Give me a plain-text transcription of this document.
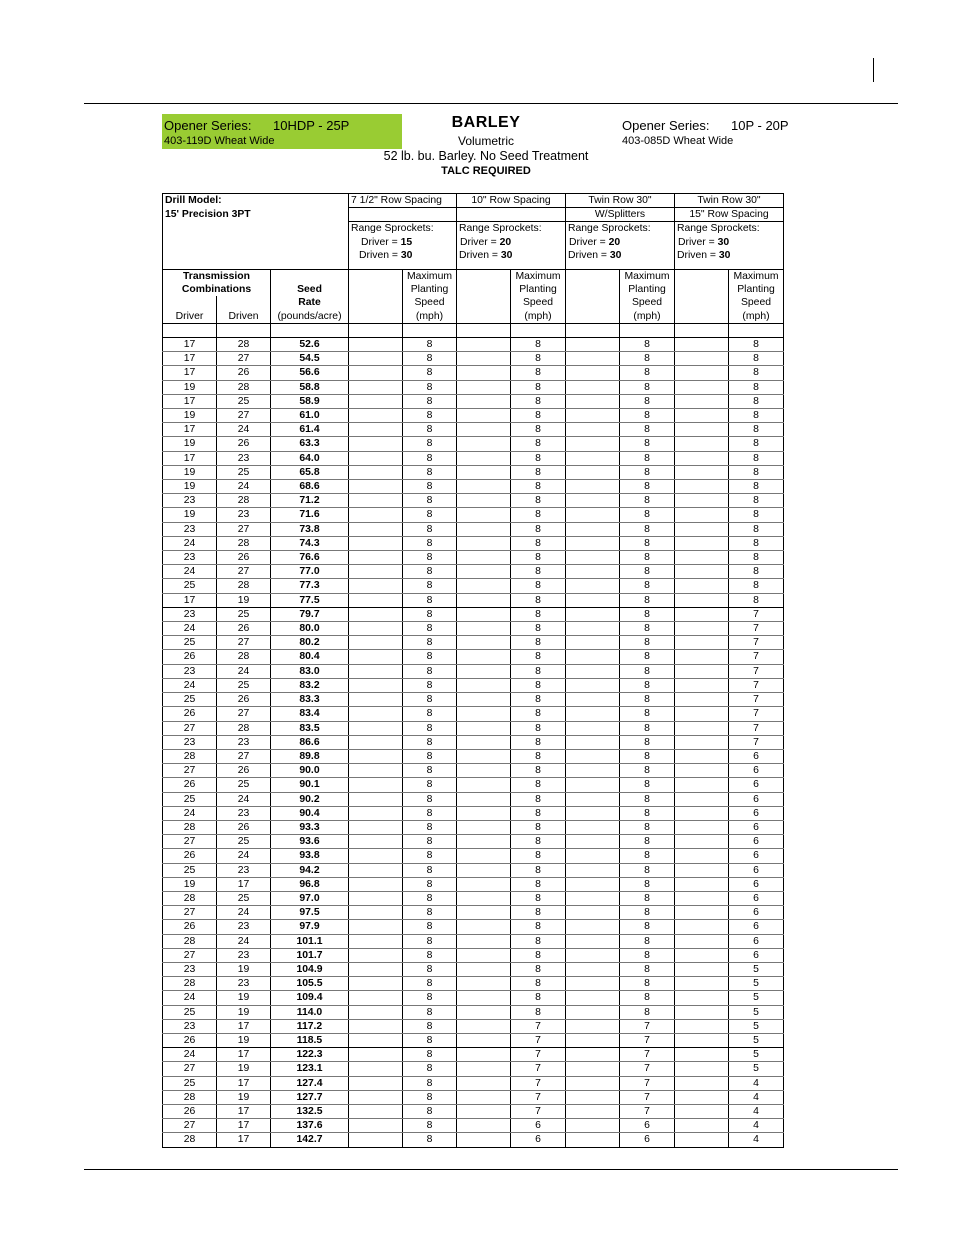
Opener Series: 10HDP - 25P
403-119D Wheat Wide
BARLEY
Volumetric
52 lb. bu. Barley. No Seed Treatment
TALC REQUIRED
Opener Series: 10P - 20P
403-085D Wheat Wide
Drill Model:			7 1/2" Row Spacing		10" Row Spacing		Twin Row 30"		Twin Row 30"	
15' Precision 3PT							W/Splitters		15" Row Spacing	
			Range Sprockets:		Range Sprockets:		Range Sprockets:		Range Sprockets:	
			Driver = 15		Driver = 20		Driver = 20		Driver = 30	
			Driven = 30		Driven = 30		Driven = 30		Driven = 30	

Transmission				Maximum		Maximum		Maximum		Maximum
Combinations		Seed		Planting		Planting		Planting		Planting
		Rate		Speed		Speed		Speed		Speed
Driver	Driven	(pounds/acre)		(mph)		(mph)		(mph)		(mph)

17	28	52.6		8		8		8		8
17	27	54.5		8		8		8		8
17	26	56.6		8		8		8		8
19	28	58.8		8		8		8		8
17	25	58.9		8		8		8		8
19	27	61.0		8		8		8		8
17	24	61.4		8		8		8		8
19	26	63.3		8		8		8		8
17	23	64.0		8		8		8		8
19	25	65.8		8		8		8		8
19	24	68.6		8		8		8		8
23	28	71.2		8		8		8		8
19	23	71.6		8		8		8		8
23	27	73.8		8		8		8		8
24	28	74.3		8		8		8		8
23	26	76.6		8		8		8		8
24	27	77.0		8		8		8		8
25	28	77.3		8		8		8		8
17	19	77.5		8		8		8		8
23	25	79.7		8		8		8		7
24	26	80.0		8		8		8		7
25	27	80.2		8		8		8		7
26	28	80.4		8		8		8		7
23	24	83.0		8		8		8		7
24	25	83.2		8		8		8		7
25	26	83.3		8		8		8		7
26	27	83.4		8		8		8		7
27	28	83.5		8		8		8		7
23	23	86.6		8		8		8		7
28	27	89.8		8		8		8		6
27	26	90.0		8		8		8		6
26	25	90.1		8		8		8		6
25	24	90.2		8		8		8		6
24	23	90.4		8		8		8		6
28	26	93.3		8		8		8		6
27	25	93.6		8		8		8		6
26	24	93.8		8		8		8		6
25	23	94.2		8		8		8		6
19	17	96.8		8		8		8		6
28	25	97.0		8		8		8		6
27	24	97.5		8		8		8		6
26	23	97.9		8		8		8		6
28	24	101.1		8		8		8		6
27	23	101.7		8		8		8		6
23	19	104.9		8		8		8		5
28	23	105.5		8		8		8		5
24	19	109.4		8		8		8		5
25	19	114.0		8		8		8		5
23	17	117.2		8		7		7		5
26	19	118.5		8		7		7		5
24	17	122.3		8		7		7		5
27	19	123.1		8		7		7		5
25	17	127.4		8		7		7		4
28	19	127.7		8		7		7		4
26	17	132.5		8		7		7		4
27	17	137.6		8		6		6		4
28	17	142.7		8		6		6		4
